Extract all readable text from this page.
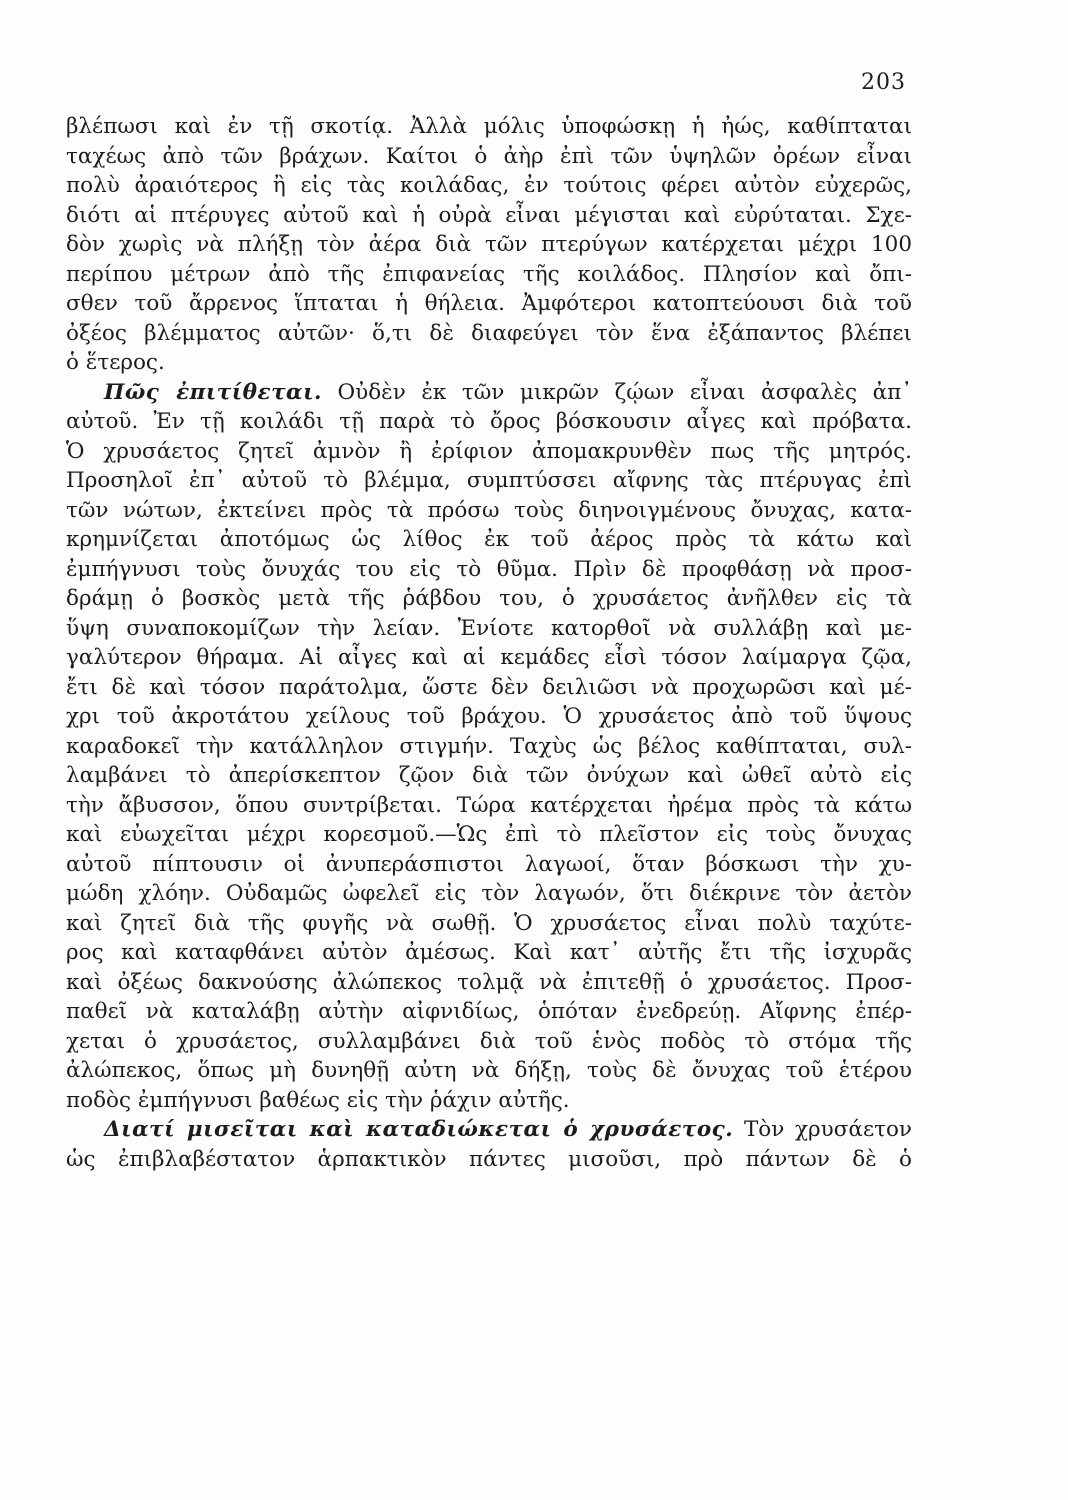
203
βλέπωσι καὶ ἐν τῇ σκοτίᾳ. Ἀλλὰ μόλις ὑποφώσκῃ ἡ ἠώς, καθίπταται
ταχέως ἀπὸ τῶν βράχων. Καίτοι ὁ ἀὴρ ἐπὶ τῶν ὑψηλῶν ὀρέων εἶναι
πολὺ ἀραιότερος ἢ εἰς τὰς κοιλάδας, ἐν τούτοις φέρει αὐτὸν εὐχερῶς,
διότι αἱ πτέρυγες αὐτοῦ καὶ ἡ οὐρὰ εἶναι μέγισται καὶ εὐρύταται. Σχε-
δὸν χωρὶς νὰ πλήξῃ τὸν ἀέρα διὰ τῶν πτερύγων κατέρχεται μέχρι 100
περίπου μέτρων ἀπὸ τῆς ἐπιφανείας τῆς κοιλάδος. Πλησίον καὶ ὄπι-
σθεν τοῦ ἄρρενος ἵπταται ἡ θήλεια. Ἀμφότεροι κατοπτεύουσι διὰ τοῦ
ὀξέος βλέμματος αὐτῶν· ὅ,τι δὲ διαφεύγει τὸν ἕνα ἐξάπαντος βλέπει
ὁ ἕτερος.
Πῶς ἐπιτίθεται. Οὐδὲν ἐκ τῶν μικρῶν ζῴων εἶναι ἀσφαλὲς ἀπ᾽
αὐτοῦ. Ἐν τῇ κοιλάδι τῇ παρὰ τὸ ὄρος βόσκουσιν αἶγες καὶ πρόβατα.
Ὁ χρυσάετος ζητεῖ ἀμνὸν ἢ ἐρίφιον ἀπομακρυνθὲν πως τῆς μητρός.
Προσηλοῖ ἐπ᾽ αὐτοῦ τὸ βλέμμα, συμπτύσσει αἴφνης τὰς πτέρυγας ἐπὶ
τῶν νώτων, ἐκτείνει πρὸς τὰ πρόσω τοὺς διηνοιγμένους ὄνυχας, κατα-
κρημνίζεται ἀποτόμως ὡς λίθος ἐκ τοῦ ἀέρος πρὸς τὰ κάτω καὶ
ἐμπήγνυσι τοὺς ὄνυχάς του εἰς τὸ θῦμα. Πρὶν δὲ προφθάσῃ νὰ προσ-
δράμῃ ὁ βοσκὸς μετὰ τῆς ῥάβδου του, ὁ χρυσάετος ἀνῆλθεν εἰς τὰ
ὕψη συναποκομίζων τὴν λείαν. Ἐνίοτε κατορθοῖ νὰ συλλάβῃ καὶ με-
γαλύτερον θήραμα. Αἱ αἶγες καὶ αἱ κεμάδες εἶσὶ τόσον λαίμαργα ζῷα,
ἔτι δὲ καὶ τόσον παράτολμα, ὥστε δὲν δειλιῶσι νὰ προχωρῶσι καὶ μέ-
χρι τοῦ ἀκροτάτου χείλους τοῦ βράχου. Ὁ χρυσάετος ἀπὸ τοῦ ὕψους
καραδοκεῖ τὴν κατάλληλον στιγμήν. Ταχὺς ὡς βέλος καθίπταται, συλ-
λαμβάνει τὸ ἀπερίσκεπτον ζῷον διὰ τῶν ὀνύχων καὶ ὠθεῖ αὐτὸ εἰς
τὴν ἄβυσσον, ὅπου συντρίβεται. Τώρα κατέρχεται ἠρέμα πρὸς τὰ κάτω
καὶ εὐωχεῖται μέχρι κορεσμοῦ.—Ὡς ἐπὶ τὸ πλεῖστον εἰς τοὺς ὄνυχας
αὐτοῦ πίπτουσιν οἱ ἀνυπεράσπιστοι λαγωοί, ὅταν βόσκωσι τὴν χυ-
μώδη χλόην. Οὐδαμῶς ὠφελεῖ εἰς τὸν λαγωόν, ὅτι διέκρινε τὸν ἀετὸν
καὶ ζητεῖ διὰ τῆς φυγῆς νὰ σωθῇ. Ὁ χρυσάετος εἶναι πολὺ ταχύτε-
ρος καὶ καταφθάνει αὐτὸν ἀμέσως. Καὶ κατ᾽ αὐτῆς ἔτι τῆς ἰσχυρᾶς
καὶ ὀξέως δακνούσης ἀλώπεκος τολμᾷ νὰ ἐπιτεθῇ ὁ χρυσάετος. Προσ-
παθεῖ νὰ καταλάβῃ αὐτὴν αἰφνιδίως, ὁπόταν ἐνεδρεύῃ. Αἴφνης ἐπέρ-
χεται ὁ χρυσάετος, συλλαμβάνει διὰ τοῦ ἑνὸς ποδὸς τὸ στόμα τῆς
ἀλώπεκος, ὅπως μὴ δυνηθῇ αὐτη νὰ δήξῃ, τοὺς δὲ ὄνυχας τοῦ ἑτέρου
ποδὸς ἐμπήγνυσι βαθέως εἰς τὴν ῥάχιν αὐτῆς.
Διατί μισεῖται καὶ καταδιώκεται ὁ χρυσάετος. Τὸν χρυσάετον
ὡς ἐπιβλαβέστατον ἁρπακτικὸν πάντες μισοῦσι, πρὸ πάντων δὲ ὁ
